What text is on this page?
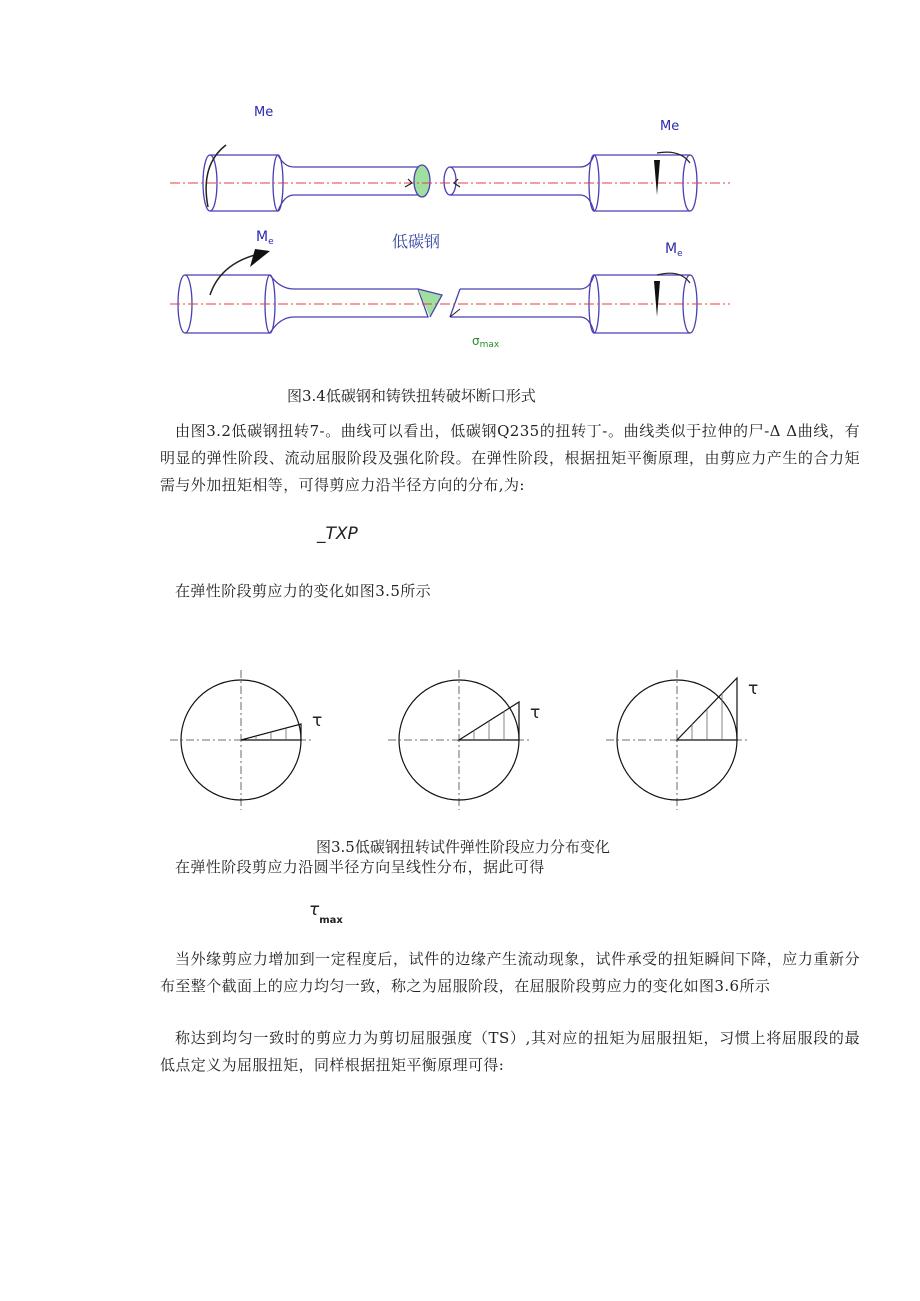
Me
Me
$M_e$	$M_e$
低碳钢
σmax
图3.4低碳钢和铸铁扭转破坏断口形式

由图3.2低碳钢扭转7-。曲线可以看出，低碳钢Q235的扭转丁-。曲线类似于拉伸的尸-Δ Δ曲线，有明显的弹性阶段、流动屈服阶段及强化阶段。在弹性阶段，根据扭矩平衡原理，由剪应力产生的合力矩需与外加扭矩相等，可得剪应力沿半径方向的分布,为:

_TXP

在弹性阶段剪应力的变化如图3.5所示

τ	τ
τ
图3.5低碳钢扭转试件弹性阶段应力分布变化

在弹性阶段剪应力沿圆半径方向呈线性分布，据此可得

$\tau_{max}$

当外缘剪应力增加到一定程度后，试件的边缘产生流动现象，试件承受的扭矩瞬间下降，应力重新分布至整个截面上的应力均匀一致，称之为屈服阶段，在屈服阶段剪应力的变化如图3.6所示

称达到均匀一致时的剪应力为剪切屈服强度（TS）,其对应的扭矩为屈服扭矩，习惯上将屈服段的最低点定义为屈服扭矩，同样根据扭矩平衡原理可得:
